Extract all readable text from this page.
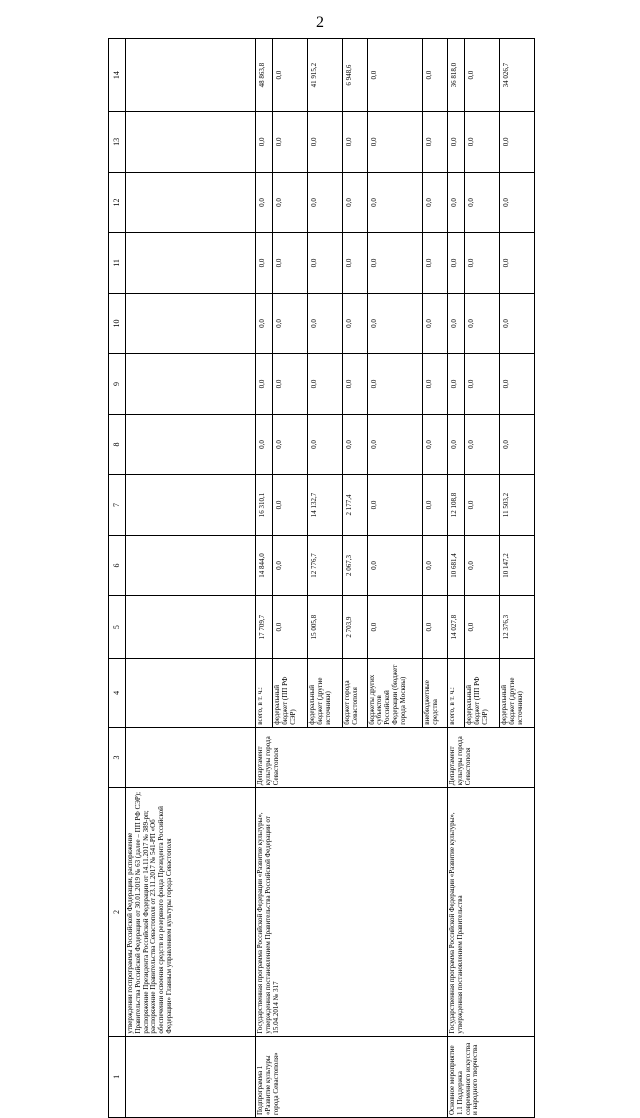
2
1	2	3	4	5	6	7	8	9	10	11	12	13	14
	утверждении госпрограммы Российской Федерации, распоряжение Правительства Российской Федерации от 30.01.2019 № 63 (далее – ПП РФ СЭР); распоряжение Президента Российской Федерации от 14.11.2017 № 389-рп; распоряжение Правительства Севастополя от 23.11.2017 № 541-РП «Об обеспечении освоения средств из резервного фонда Президента Российской Федерации» Главным управлением культуры города Севастополя												
Подпрограмма 1 «Развитие культуры города Севастополя»	Государственная программа Российской Федерации «Развитие культуры», утвержденная постановлением Правительства Российской Федерации от 15.04.2014 № 317	Департамент культуры города Севастополя	всего, в т. ч.:	17 709,7	14 844,0	16 310,1	0,0	0,0	0,0	0,0	0,0	0,0	48 863,8
			федеральный бюджет (ПП РФ СЭР)	0,0	0,0	0,0	0,0	0,0	0,0	0,0	0,0	0,0	0,0
			федеральный бюджет (другие источники)	15 005,8	12 776,7	14 132,7	0,0	0,0	0,0	0,0	0,0	0,0	41 915,2
			бюджет города Севастополя	2 703,9	2 067,3	2 177,4	0,0	0,0	0,0	0,0	0,0	0,0	6 948,6
			бюджеты других субъектов Российской Федерации (бюджет города Москвы)	0,0	0,0	0,0	0,0	0,0	0,0	0,0	0,0	0,0	0,0
			внебюджетные средства	0,0	0,0	0,0	0,0	0,0	0,0	0,0	0,0	0,0	0,0
Основное мероприятие 1.1 Поддержка современного искусства и народного творчества	Государственная программа Российской Федерации «Развитие культуры», утвержденная постановлением Правительства	Департамент культуры города Севастополя	всего, в т. ч.:	14 027,8	10 681,4	12 108,8	0,0	0,0	0,0	0,0	0,0	0,0	36 818,0
			федеральный бюджет (ПП РФ СЭР)	0,0	0,0	0,0	0,0	0,0	0,0	0,0	0,0	0,0	0,0
			федеральный бюджет (другие источники)	12 376,3	10 147,2	11 503,2	0,0	0,0	0,0	0,0	0,0	0,0	34 026,7
